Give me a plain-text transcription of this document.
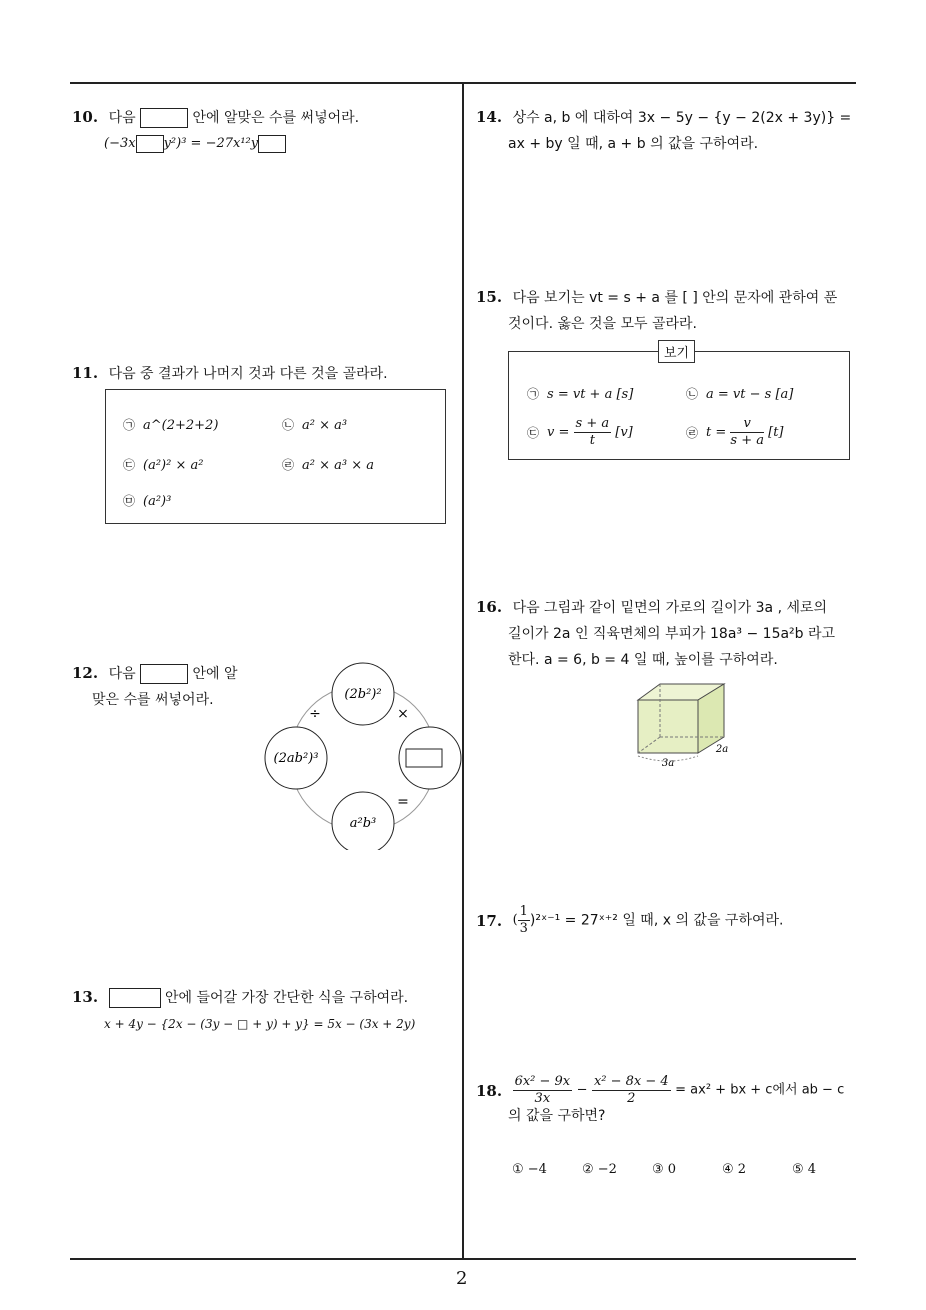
10. 다음	안에 알맞은 수를 써넣어라.
(−3x y²)³ = −27x¹²y
11. 다음 중 결과가 나머지 것과 다른 것을 골라라.
㉠ a^(2+2+2)	㉡ a² × a³
㉢ (a²)² × a²	㉣ a² × a³ × a
㉤ (a²)³
12. 다음	안에 알
맞은 수를 써넣어라.	(2b²)²
(2ab²)³
a²b³
÷	×
=
13.	안에 들어갈 가장 간단한 식을 구하여라.
x + 4y − {2x − (3y − □ + y) + y} = 5x − (3x + 2y)
14. 상수 a, b 에 대하여 3x − 5y − {y − 2(2x + 3y)} =
ax + by 일 때, a + b 의 값을 구하여라.
15. 다음 보기는 vt = s + a 를 [ ] 안의 문자에 관하여 푼
것이다. 옳은 것을 모두 골라라.
보기
㉠ s = vt + a [s]	㉡ a = vt − s [a]
㉢ $v = \frac{s + a}{t} [v]$	㉣ $t = \frac{v}{s + a} [t]$
16. 다음 그림과 같이 밑면의 가로의 길이가 3a , 세로의
길이가 2a 인 직육면체의 부피가 18a³ − 15a²b 라고
한다. a = 6, b = 4 일 때, 높이를 구하여라.
3a
2a
17. ( $\frac{1}{3}$ )²ˣ⁻¹ = 27ˣ⁺² 일 때, x 의 값을 구하여라.
18. $\frac{\text{6x² − 9x}}{3x} - \frac{\text{x² − 8x − 4}}{2} = ax^2$ + bx + c에서 ab − c
의 값을 구하면?
① −4	② −2	③ 0	④ 2	⑤ 4
2
